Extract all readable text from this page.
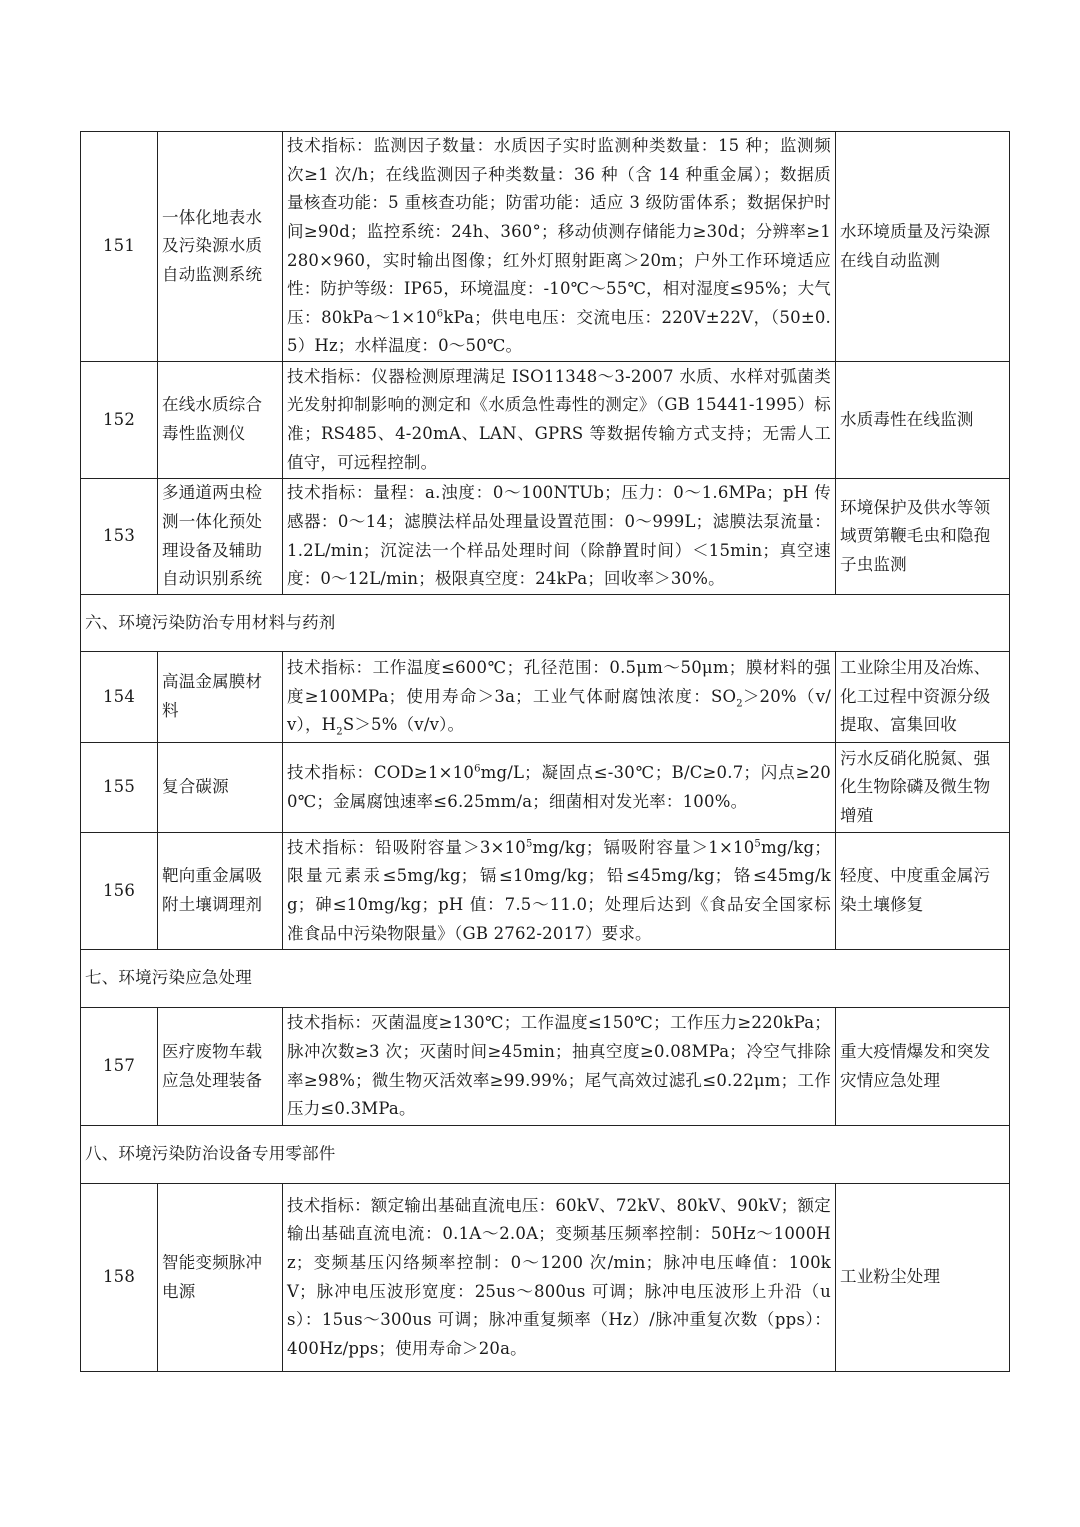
151	一体化地表水及污染源水质自动监测系统	技术指标：监测因子数量：水质因子实时监测种类数量：15 种；监测频次≥1 次/h；在线监测因子种类数量：36 种（含 14 种重金属）；数据质量核查功能：5 重核查功能；防雷功能：适应 3 级防雷体系；数据保护时间≥90d；监控系统：24h、360°；移动侦测存储能力≥30d；分辨率≥1280×960，实时输出图像；红外灯照射距离＞20m；户外工作环境适应性：防护等级：IP65，环境温度：-10℃～55℃，相对湿度≤95%；大气压：$80kPa\sim 1\times 10^6kPa$；供电电压：交流电压：220V±22V，（50±0.5）Hz；水样温度：0～50℃。	水环境质量及污染源在线自动监测
152	在线水质综合毒性监测仪	技术指标：仪器检测原理满足 ISO11348～3-2007 水质、水样对弧菌类光发射抑制影响的测定和《水质急性毒性的测定》（GB 15441-1995）标准；RS485、4-20mA、LAN、GPRS 等数据传输方式支持；无需人工值守，可远程控制。	水质毒性在线监测
153	多通道两虫检测一体化预处理设备及辅助自动识别系统	技术指标：量程：a.浊度：0～100NTUb；压力：0～1.6MPa；pH 传感器：0～14；滤膜法样品处理量设置范围：0～999L；滤膜法泵流量：1.2L/min；沉淀法一个样品处理时间（除静置时间）＜15min；真空速度：0～12L/min；极限真空度：24kPa；回收率＞30%。	环境保护及供水等领域贾第鞭毛虫和隐孢子虫监测
六、环境污染防治专用材料与药剂			
154	高温金属膜材料	技术指标：工作温度≤600℃；孔径范围：0.5μm～50μm；膜材料的强度≥100MPa；使用寿命＞3a；工业气体耐腐蚀浓度：$SO_2>20\%(v/v)$，$H_2S>5\%(v/v)$。	工业除尘用及冶炼、化工过程中资源分级提取、富集回收
155	复合碳源	技术指标：$COD\ge 1\times 10^6mg/L$；凝固点≤-30℃；B/C≥0.7；闪点≥200℃；金属腐蚀速率≤6.25mm/a；细菌相对发光率：100%。	污水反硝化脱氮、强化生物除磷及微生物增殖
156	靶向重金属吸附土壤调理剂	技术指标：铅吸附容量$>3\times 10^5mg/kg$；镉吸附容量$>1\times 10^5mg/kg$；限量元素汞≤5mg/kg；镉≤10mg/kg；铅≤45mg/kg；铬≤45mg/kg；砷≤10mg/kg；pH 值：7.5～11.0；处理后达到《食品安全国家标准食品中污染物限量》（GB 2762-2017）要求。	轻度、中度重金属污染土壤修复
七、环境污染应急处理			
157	医疗废物车载应急处理装备	技术指标：灭菌温度≥130℃；工作温度≤150℃；工作压力≥220kPa；脉冲次数≥3 次；灭菌时间≥45min；抽真空度≥0.08MPa；冷空气排除率≥98%；微生物灭活效率≥99.99%；尾气高效过滤孔≤0.22μm；工作压力≤0.3MPa。	重大疫情爆发和突发灾情应急处理
八、环境污染防治设备专用零部件			
158	智能变频脉冲电源	技术指标：额定输出基础直流电压：60kV、72kV、80kV、90kV；额定输出基础直流电流：0.1A～2.0A；变频基压频率控制：50Hz～1000Hz；变频基压闪络频率控制：0～1200 次/min；脉冲电压峰值：100kV；脉冲电压波形宽度：25us～800us 可调；脉冲电压波形上升沿（us）：15us～300us 可调；脉冲重复频率（Hz）/脉冲重复次数（pps）：400Hz/pps；使用寿命＞20a。	工业粉尘处理
